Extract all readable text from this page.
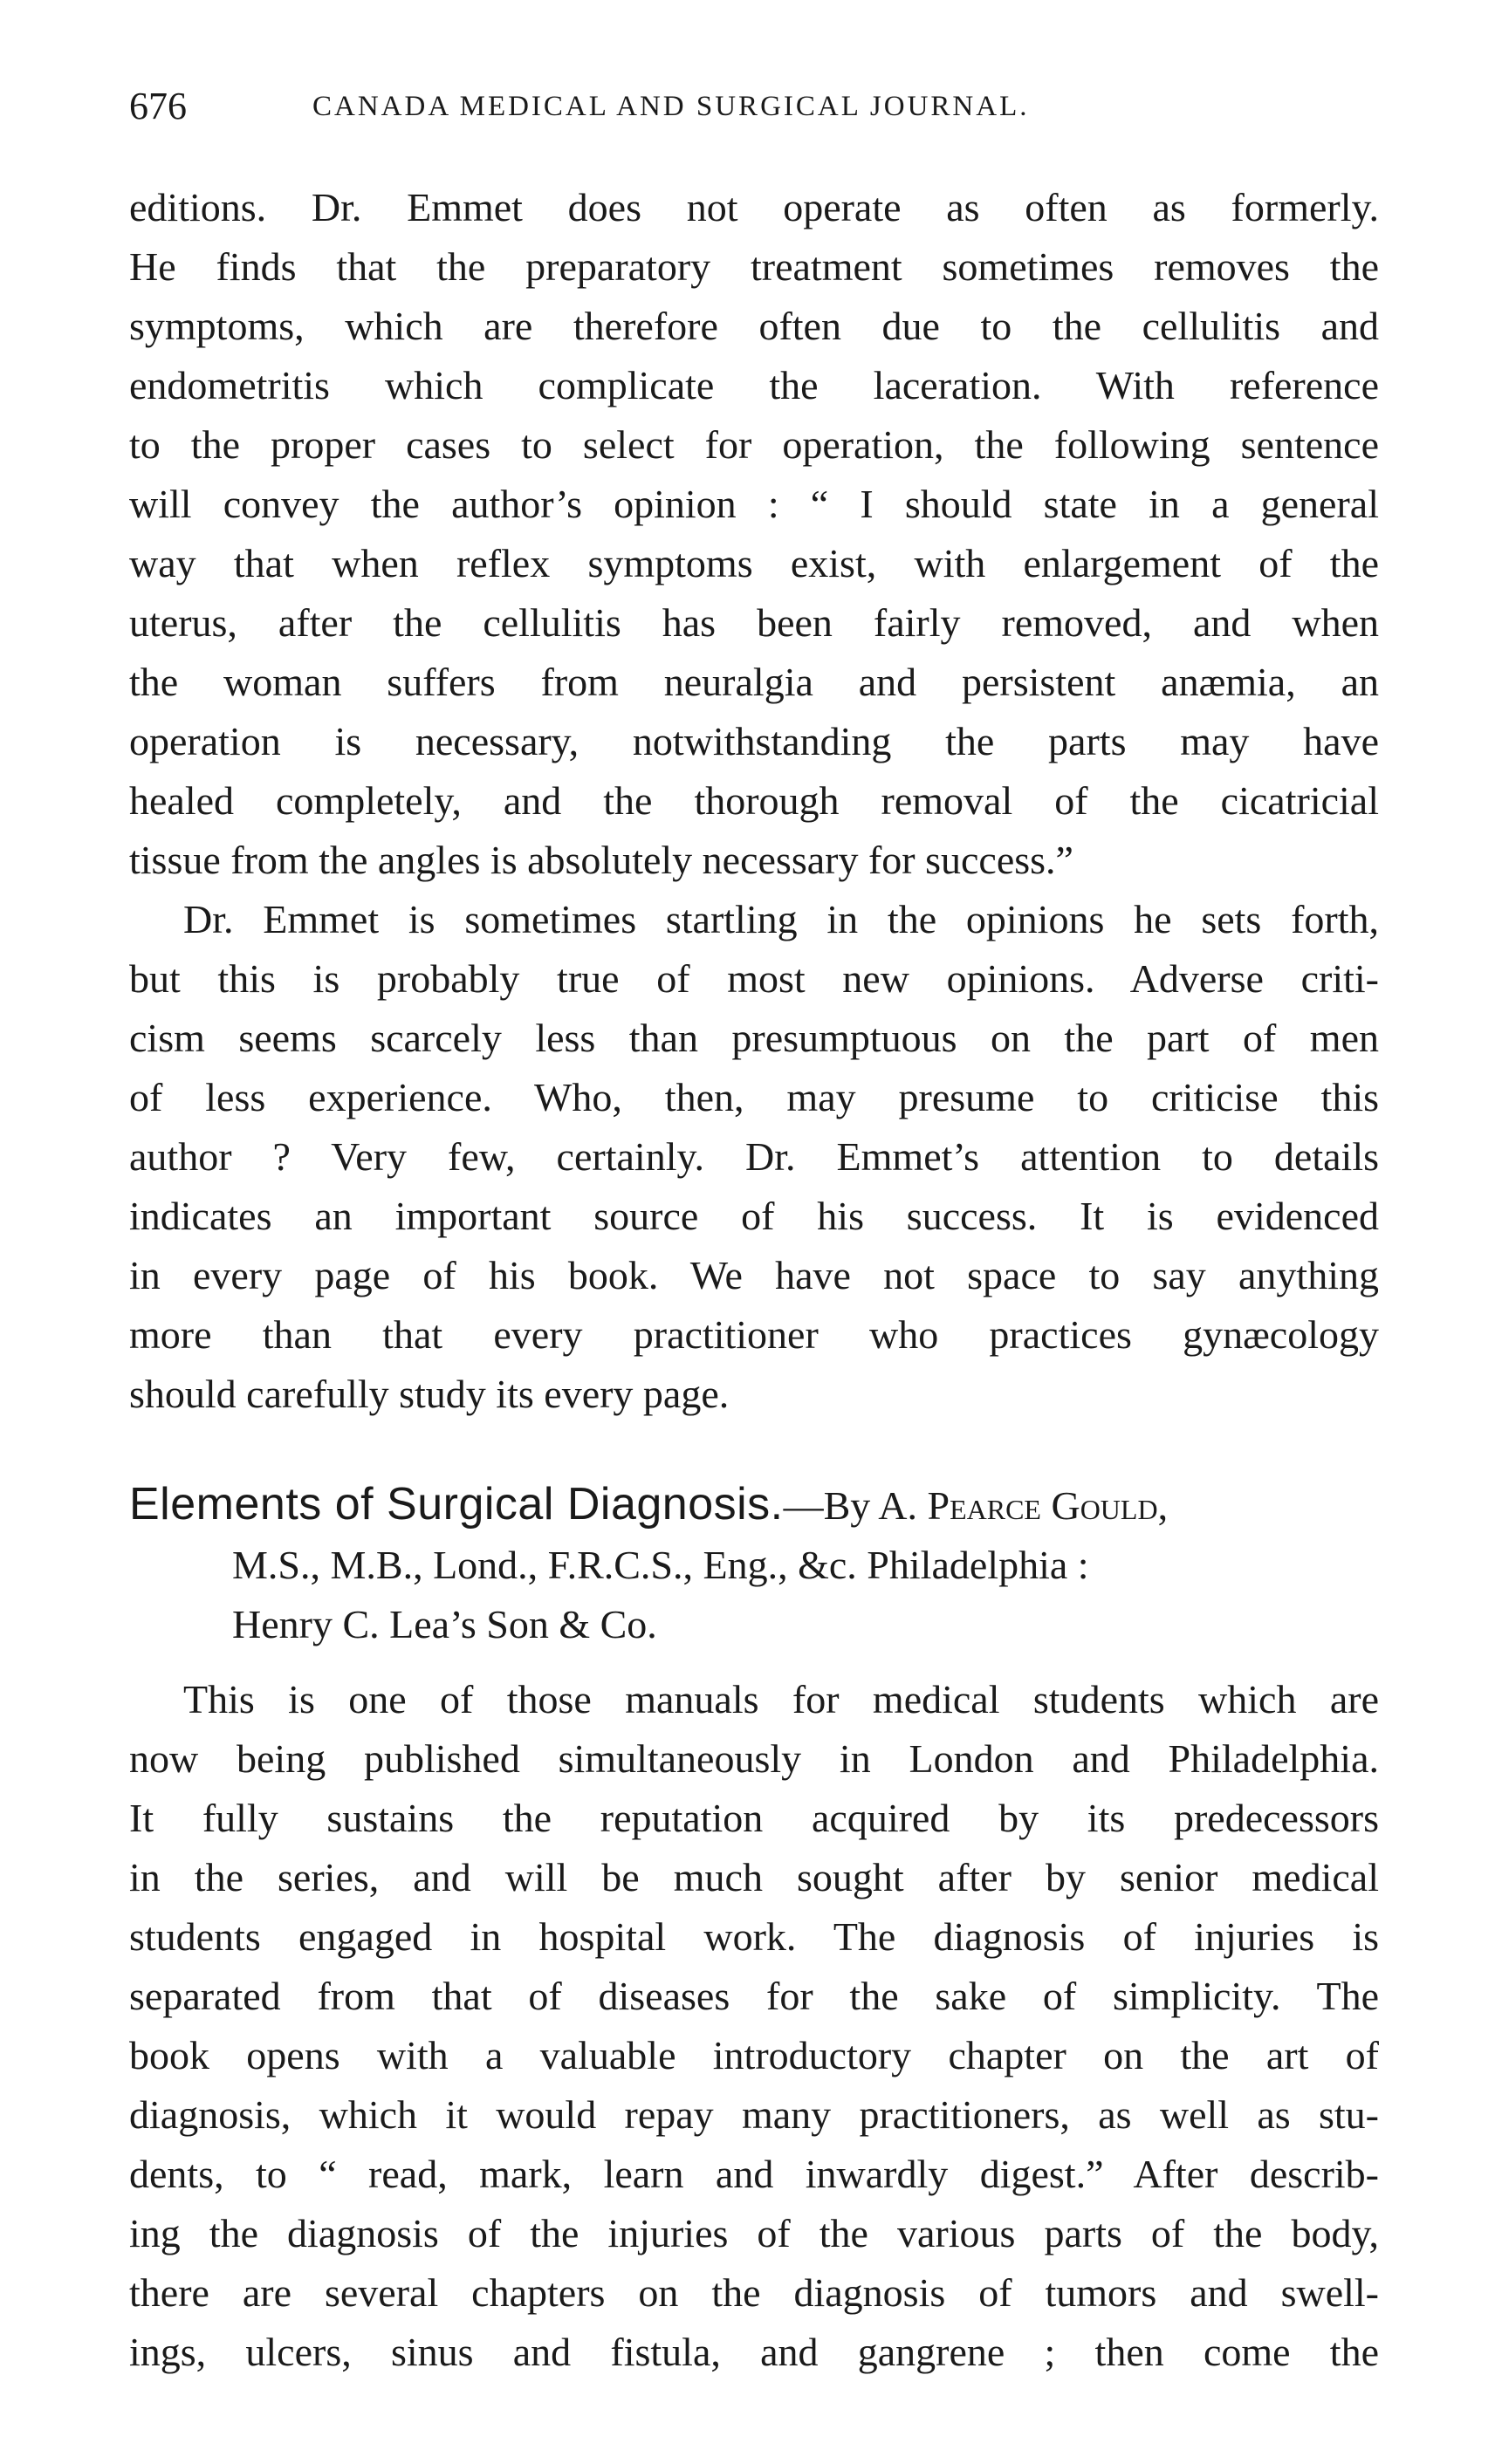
676	CANADA MEDICAL AND SURGICAL JOURNAL.

editions. Dr. Emmet does not operate as often as formerly.
He finds that the preparatory treatment sometimes removes the
symptoms, which are therefore often due to the cellulitis and
endometritis which complicate the laceration. With reference
to the proper cases to select for operation, the following sentence
will convey the author’s opinion : “ I should state in a general
way that when reflex symptoms exist, with enlargement of the
uterus, after the cellulitis has been fairly removed, and when
the woman suffers from neuralgia and persistent anæmia, an
operation is necessary, notwithstanding the parts may have
healed completely, and the thorough removal of the cicatricial
tissue from the angles is absolutely necessary for success.”

Dr. Emmet is sometimes startling in the opinions he sets forth,
but this is probably true of most new opinions. Adverse criti-
cism seems scarcely less than presumptuous on the part of men
of less experience. Who, then, may presume to criticise this
author ? Very few, certainly. Dr. Emmet’s attention to details
indicates an important source of his success. It is evidenced
in every page of his book. We have not space to say anything
more than that every practitioner who practices gynæcology
should carefully study its every page.

Elements of Surgical Diagnosis.—By A. Pearce Gould,
M.S., M.B., Lond., F.R.C.S., Eng., &c. Philadelphia :
Henry C. Lea’s Son & Co.

This is one of those manuals for medical students which are
now being published simultaneously in London and Philadelphia.
It fully sustains the reputation acquired by its predecessors
in the series, and will be much sought after by senior medical
students engaged in hospital work. The diagnosis of injuries is
separated from that of diseases for the sake of simplicity. The
book opens with a valuable introductory chapter on the art of
diagnosis, which it would repay many practitioners, as well as stu-
dents, to “ read, mark, learn and inwardly digest.” After describ-
ing the diagnosis of the injuries of the various parts of the body,
there are several chapters on the diagnosis of tumors and swell-
ings, ulcers, sinus and fistula, and gangrene ; then come the
